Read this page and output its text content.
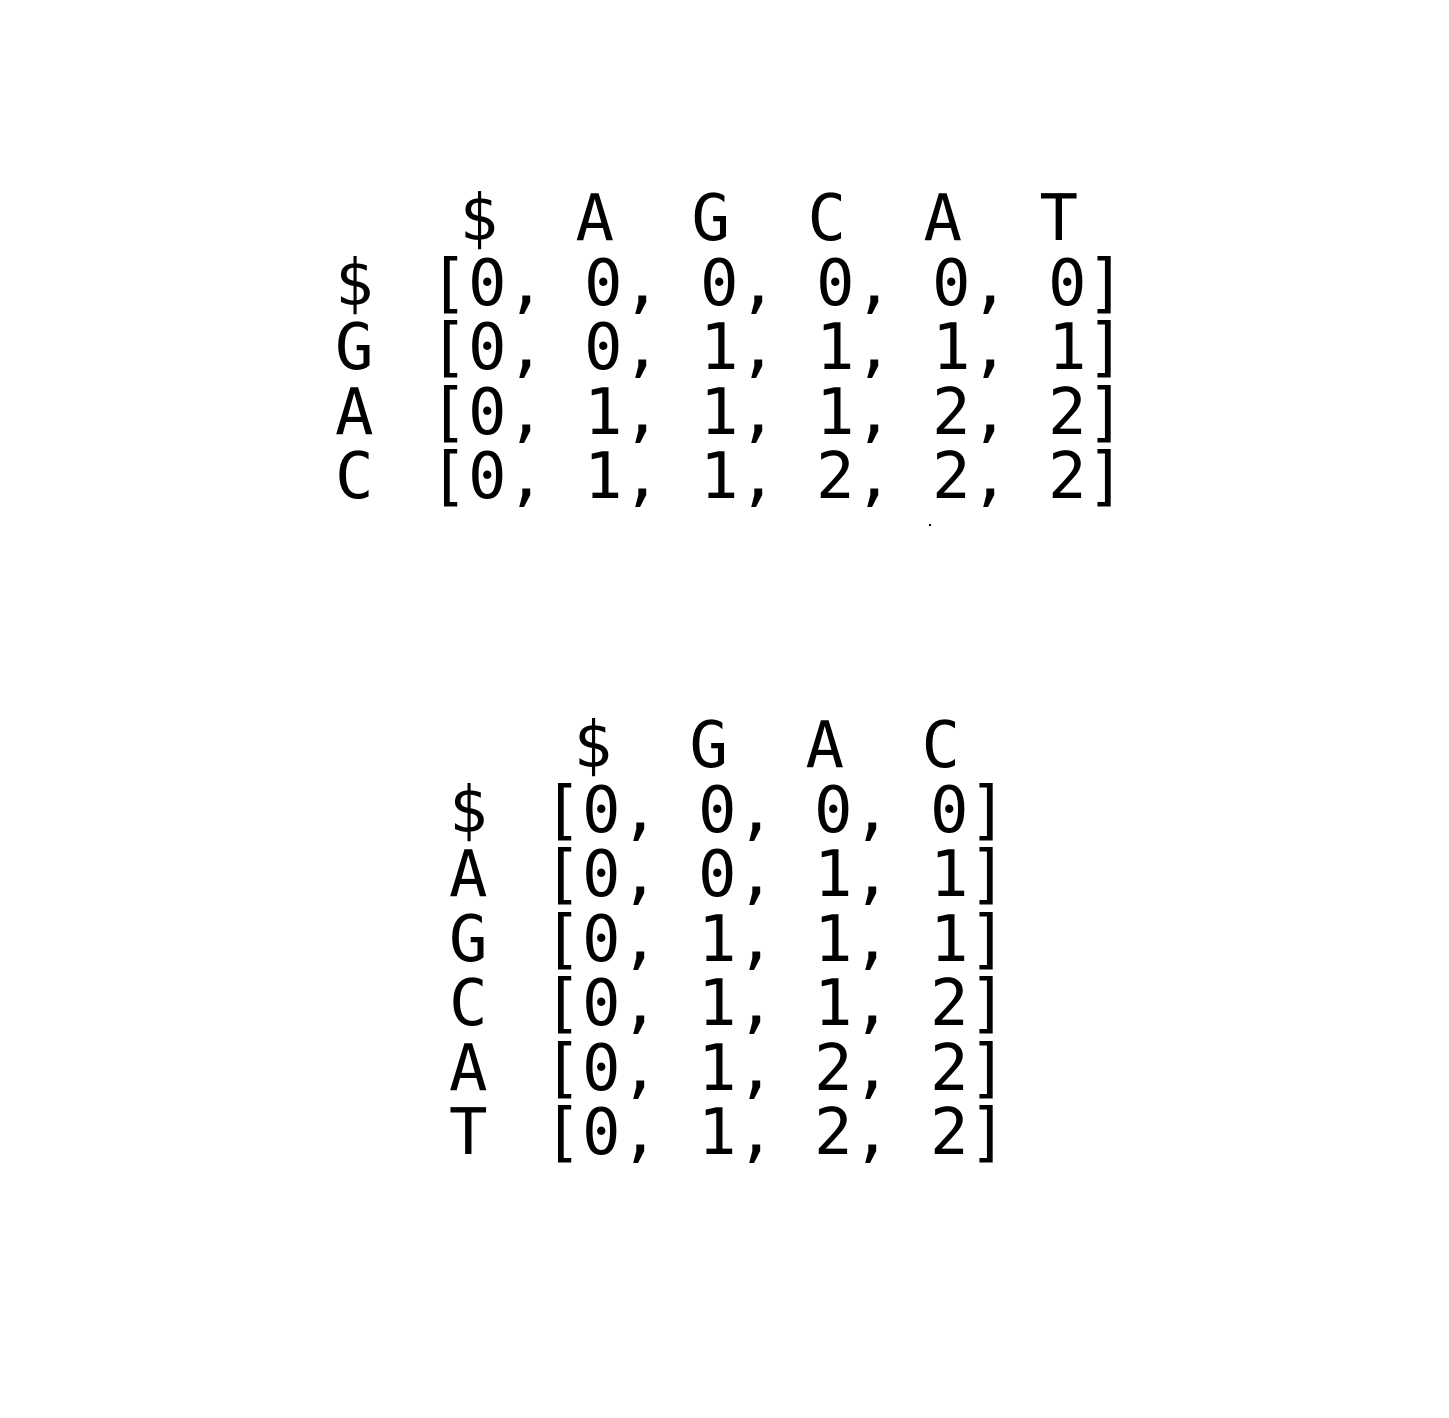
$ A G C A T
$ [0, 0, 0, 0, 0, 0]
G [0, 0, 1, 1, 1, 1]
A [0, 1, 1, 1, 2, 2]
C [0, 1, 1, 2, 2, 2]
$ G A C
$ [0, 0, 0, 0]
A [0, 0, 1, 1]
G [0, 1, 1, 1]
C [0, 1, 1, 2]
A [0, 1, 2, 2]
T [0, 1, 2, 2]
